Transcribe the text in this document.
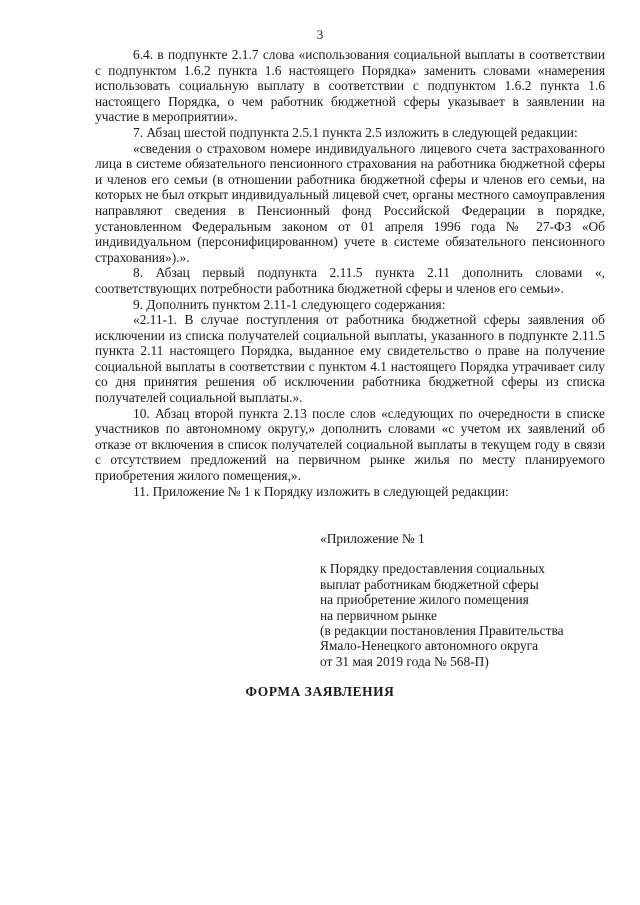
3

6.4. в подпункте 2.1.7 слова «использования социальной выплаты в соответствии с подпунктом 1.6.2 пункта 1.6 настоящего Порядка» заменить словами «намерения использовать социальную выплату в соответствии с подпунктом 1.6.2 пункта 1.6 настоящего Порядка, о чем работник бюджетной сферы указывает в заявлении на участие в мероприятии».

7. Абзац шестой подпункта 2.5.1 пункта 2.5 изложить в следующей редакции:

«сведения о страховом номере индивидуального лицевого счета застрахованного лица в системе обязательного пенсионного страхования на работника бюджетной сферы и членов его семьи (в отношении работника бюджетной сферы и членов его семьи, на которых не был открыт индивидуальный лицевой счет, органы местного самоуправления направляют сведения в Пенсионный фонд Российской Федерации в порядке, установленном Федеральным законом от 01 апреля 1996 года № 27-ФЗ «Об индивидуальном (персонифицированном) учете в системе обязательного пенсионного страхования»).».

8. Абзац первый подпункта 2.11.5 пункта 2.11 дополнить словами «, соответствующих потребности работника бюджетной сферы и членов его семьи».

9. Дополнить пунктом 2.11-1 следующего содержания:

«2.11-1. В случае поступления от работника бюджетной сферы заявления об исключении из списка получателей социальной выплаты, указанного в подпункте 2.11.5 пункта 2.11 настоящего Порядка, выданное ему свидетельство о праве на получение социальной выплаты в соответствии с пунктом 4.1 настоящего Порядка утрачивает силу со дня принятия решения об исключении работника бюджетной сферы из списка получателей социальной выплаты.».

10. Абзац второй пункта 2.13 после слов «следующих по очередности в списке участников по автономному округу,» дополнить словами «с учетом их заявлений об отказе от включения в список получателей социальной выплаты в текущем году в связи с отсутствием предложений на первичном рынке жилья по месту планируемого приобретения жилого помещения,».

11. Приложение № 1 к Порядку изложить в следующей редакции:

«Приложение № 1
к Порядку предоставления социальных
выплат работникам бюджетной сферы
на приобретение жилого помещения
на первичном рынке
(в редакции постановления Правительства
Ямало-Ненецкого автономного округа
от 31 мая 2019 года № 568-П)
ФОРМА ЗАЯВЛЕНИЯ
